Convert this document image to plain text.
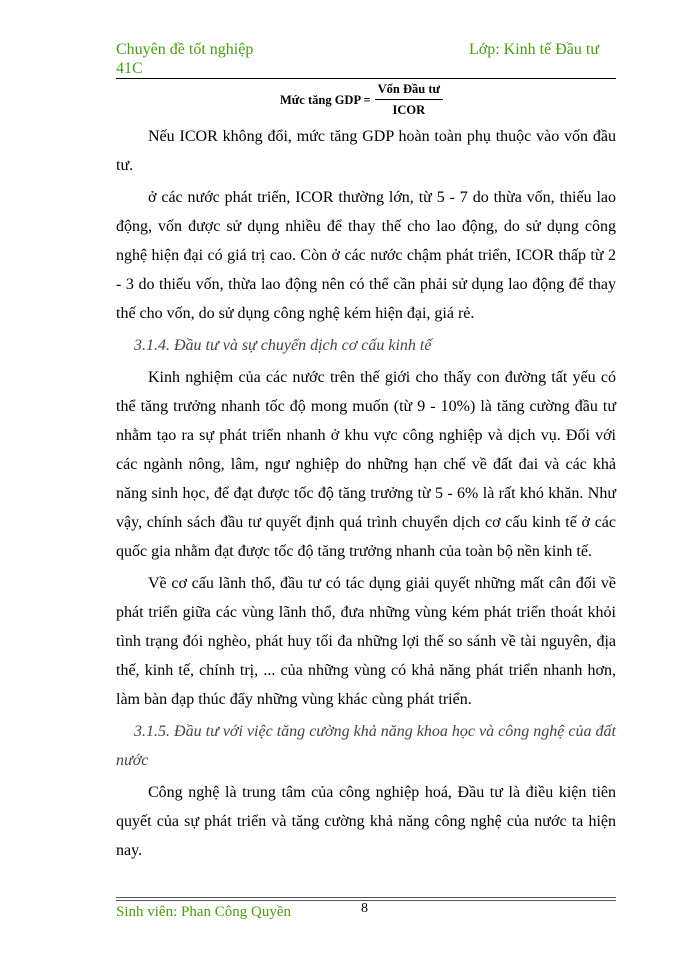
Chuyên đề tốt nghiệp
41C
Lớp: Kinh tế Đầu tư
Mức tăng GDP = $\frac{\text{Vốn Đầu tư}}{\text{ICOR}}$

Nếu ICOR không đổi, mức tăng GDP hoàn toàn phụ thuộc vào vốn đầu tư.

ở các nước phát triển, ICOR thường lớn, từ 5 - 7 do thừa vốn, thiếu lao động, vốn được sử dụng nhiều để thay thế cho lao động, do sử dụng công nghệ hiện đại có giá trị cao. Còn ở các nước chậm phát triển, ICOR thấp từ 2 - 3 do thiếu vốn, thừa lao động nên có thể cần phải sử dụng lao động để thay thế cho vốn, do sử dụng công nghệ kém hiện đại, giá rẻ.

3.1.4. Đầu tư và sự chuyển dịch cơ cấu kinh tế

Kinh nghiệm của các nước trên thế giới cho thấy con đường tất yếu có thể tăng trưởng nhanh tốc độ mong muốn (từ 9 - 10%) là tăng cường đầu tư nhằm tạo ra sự phát triển nhanh ở khu vực công nghiệp và dịch vụ. Đối với các ngành nông, lâm, ngư nghiệp do những hạn chế về đất đai và các khả năng sinh học, để đạt được tốc độ tăng trưởng từ 5 - 6% là rất khó khăn. Như vậy, chính sách đầu tư quyết định quá trình chuyển dịch cơ cấu kinh tế ở các quốc gia nhằm đạt được tốc độ tăng trưởng nhanh của toàn bộ nền kinh tế.

Về cơ cấu lãnh thổ, đầu tư có tác dụng giải quyết những mất cân đối về phát triển giữa các vùng lãnh thổ, đưa những vùng kém phát triển thoát khỏi tình trạng đói nghèo, phát huy tối đa những lợi thế so sánh về tài nguyên, địa thế, kinh tế, chính trị, ... của những vùng có khả năng phát triển nhanh hơn, làm bàn đạp thúc đẩy những vùng khác cùng phát triển.

3.1.5. Đầu tư với việc tăng cường khả năng khoa học và công nghệ của đất nước

Công nghệ là trung tâm của công nghiệp hoá, Đầu tư là điều kiện tiên quyết của sự phát triển và tăng cường khả năng công nghệ của nước ta hiện nay.

Sinh viên: Phan Công Quyền	8
